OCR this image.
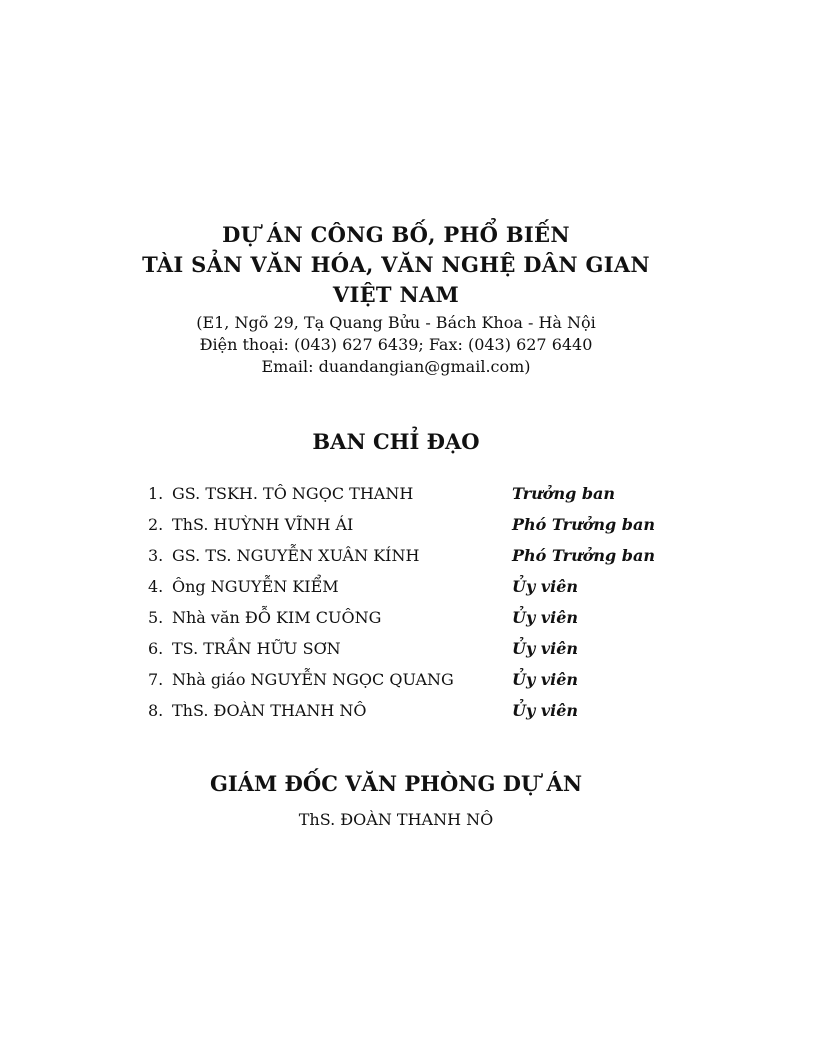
DỰ ÁN CÔNG BỐ, PHỔ BIẾN
TÀI SẢN VĂN HÓA, VĂN NGHỆ DÂN GIAN
VIỆT NAM
(E1, Ngõ 29, Tạ Quang Bửu - Bách Khoa - Hà Nội
Điện thoại: (043) 627 6439; Fax: (043) 627 6440
Email: duandangian@gmail.com)
BAN CHỈ ĐẠO
1. GS. TSKH. TÔ NGỌC THANH	Trưởng ban
2. ThS. HUỲNH VĨNH ÁI	Phó Trưởng ban
3. GS. TS. NGUYỄN XUÂN KÍNH	Phó Trưởng ban
4. Ông NGUYỄN KIỂM	Ủy viên
5. Nhà văn ĐỖ KIM CUÔNG	Ủy viên
6. TS. TRẦN HỮU SƠN	Ủy viên
7. Nhà giáo NGUYỄN NGỌC QUANG	Ủy viên
8. ThS. ĐOÀN THANH NÔ	Ủy viên
GIÁM ĐỐC VĂN PHÒNG DỰ ÁN
ThS. ĐOÀN THANH NÔ
